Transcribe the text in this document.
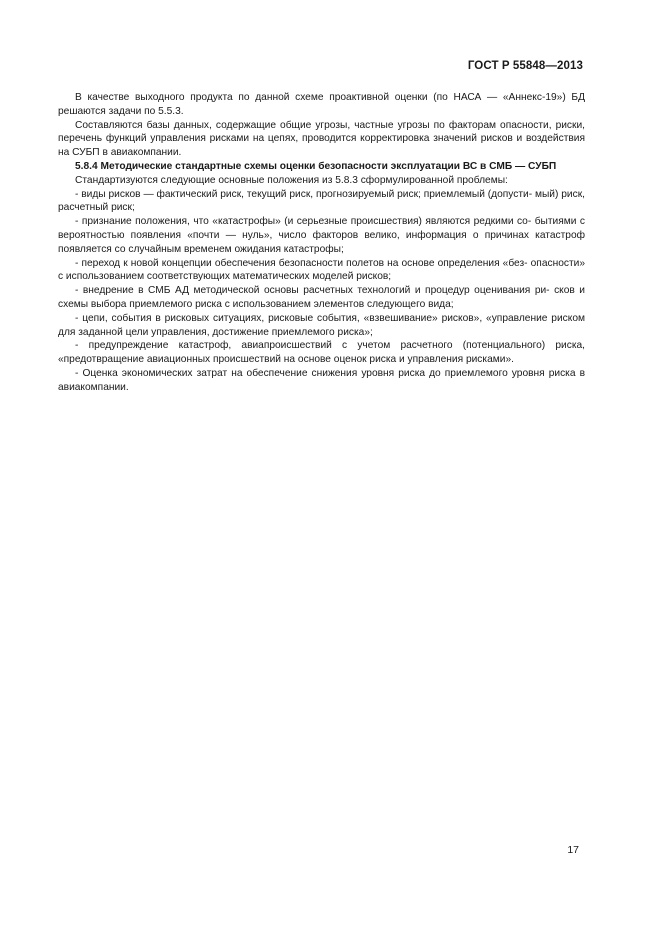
ГОСТ Р 55848—2013

В качестве выходного продукта по данной схеме проактивной оценки (по НАСА — «Аннекс-19») БД решаются задачи по 5.5.3.

Составляются базы данных, содержащие общие угрозы, частные угрозы по факторам опасности, риски, перечень функций управления рисками на цепях, проводится корректировка значений рисков и воздействия на СУБП в авиакомпании.

5.8.4 Методические стандартные схемы оценки безопасности эксплуатации ВС в СМБ — СУБП

Стандартизуются следующие основные положения из 5.8.3 сформулированной проблемы:

- виды рисков — фактический риск, текущий риск, прогнозируемый риск; приемлемый (допусти- мый) риск, расчетный риск;

- признание положения, что «катастрофы» (и серьезные происшествия) являются редкими со- бытиями с вероятностью появления «почти — нуль», число факторов велико, информация о причинах катастроф появляется со случайным временем ожидания катастрофы;

- переход к новой концепции обеспечения безопасности полетов на основе определения «без- опасности» с использованием соответствующих математических моделей рисков;

- внедрение в СМБ АД методической основы расчетных технологий и процедур оценивания ри- сков и схемы выбора приемлемого риска с использованием элементов следующего вида;

- цепи, события в рисковых ситуациях, рисковые события, «взвешивание» рисков», «управление риском для заданной цели управления, достижение приемлемого риска»;

- предупреждение катастроф, авиапроисшествий с учетом расчетного (потенциального) риска, «предотвращение авиационных происшествий на основе оценок риска и управления рисками».

- Оценка экономических затрат на обеспечение снижения уровня риска до приемлемого уровня риска в авиакомпании.

17
